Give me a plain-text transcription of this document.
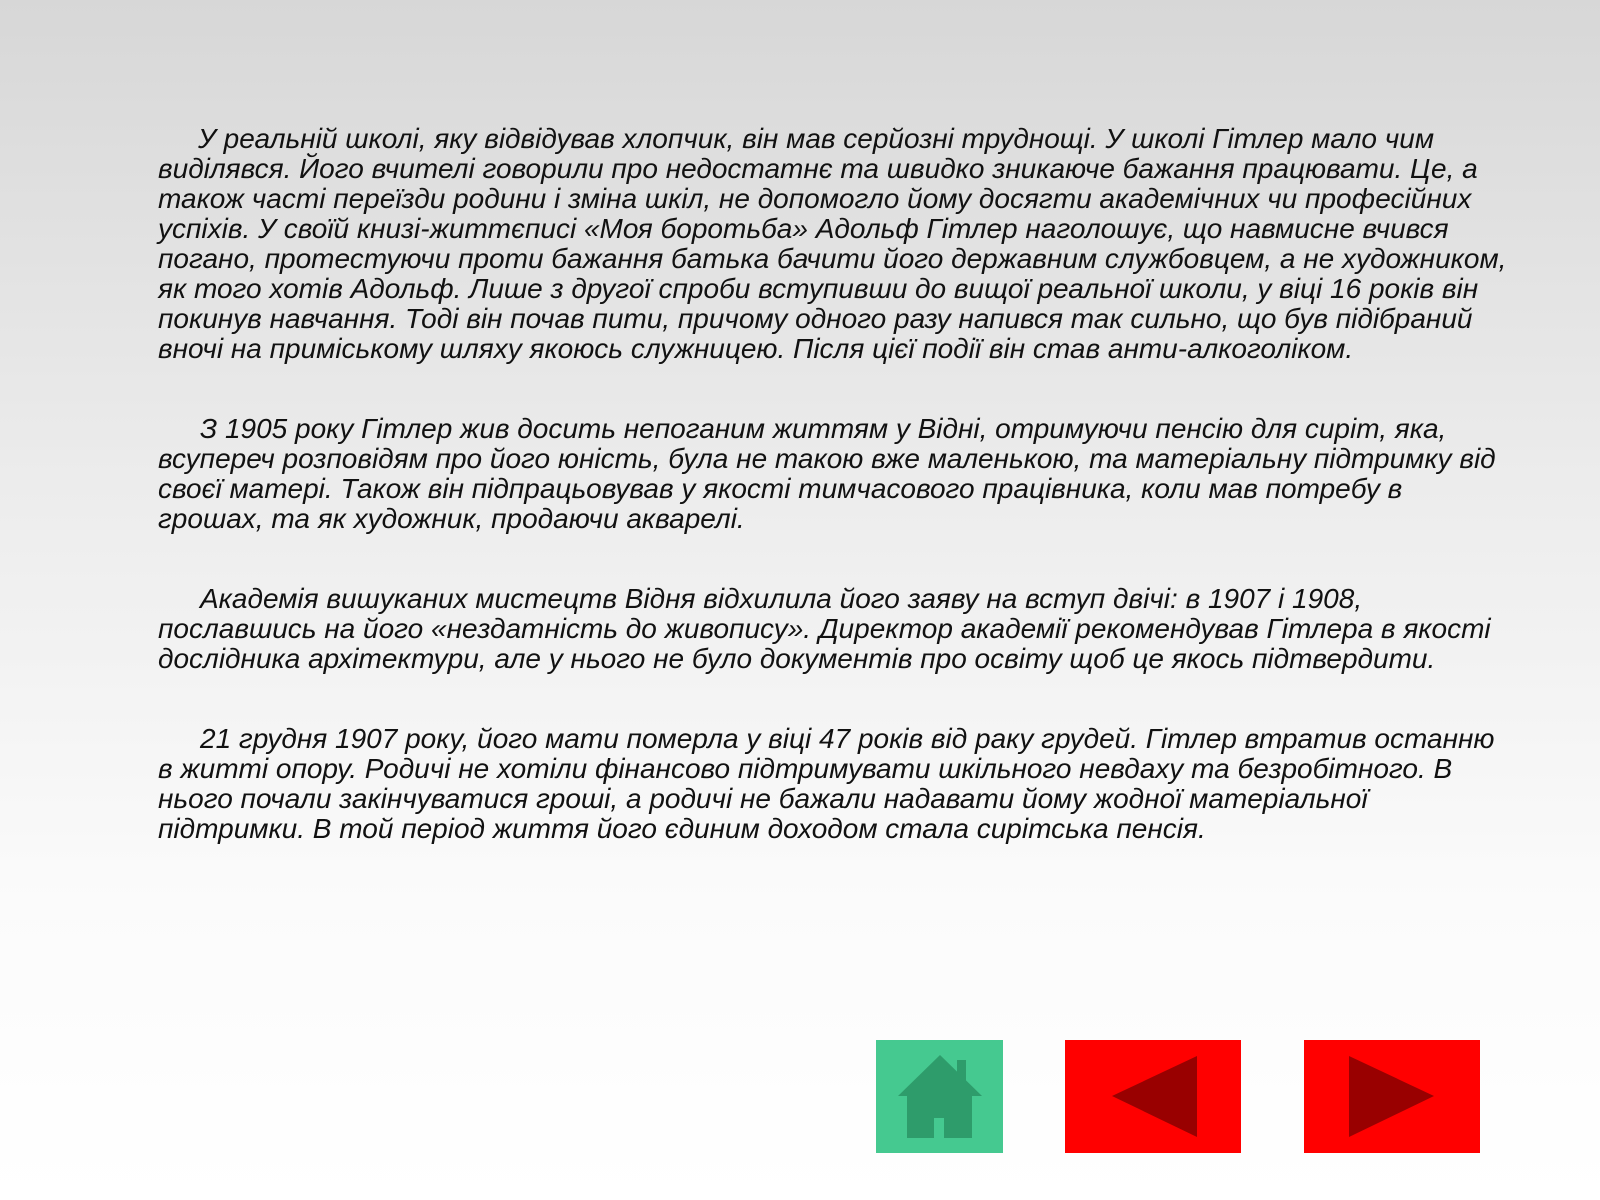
У реальній школі, яку відвідував хлопчик, він мав серйозні труднощі. У школі Гітлер мало чим виділявся. Його вчителі говорили про недостатнє та швидко зникаюче бажання працювати. Це, а також часті переїзди родини і зміна шкіл, не допомогло йому досягти академічних чи професійних успіхів. У своїй книзі-життєписі «Моя боротьба» Адольф Гітлер наголошує, що навмисне вчився погано, протестуючи проти бажання батька бачити його державним службовцем, а не художником, як того хотів Адольф. Лише з другої спроби вступивши до вищої реальної школи, у віці 16 років він покинув навчання. Тоді він почав пити, причому одного разу напився так сильно, що був підібраний вночі на приміському шляху якоюсь служницею. Після цієї події він став анти-алкоголіком.

З 1905 року Гітлер жив досить непоганим життям у Відні, отримуючи пенсію для сиріт, яка, всупереч розповідям про його юність, була не такою вже маленькою, та матеріальну підтримку від своєї матері. Також він підпрацьовував у якості тимчасового працівника, коли мав потребу в грошах, та як художник, продаючи акварелі.

Академія вишуканих мистецтв Відня відхилила його заяву на вступ двічі: в 1907 і 1908, пославшись на його «нездатність до живопису». Директор академії рекомендував Гітлера в якості дослідника архітектури, але у нього не було документів про освіту щоб це якось підтвердити.

21 грудня 1907 року, його мати померла у віці 47 років від раку грудей. Гітлер втратив останню в житті опору. Родичі не хотіли фінансово підтримувати шкільного невдаху та безробітного. В нього почали закінчуватися гроші, а родичі не бажали надавати йому жодної матеріальної підтримки. В той період життя його єдиним доходом стала сирітська пенсія.
